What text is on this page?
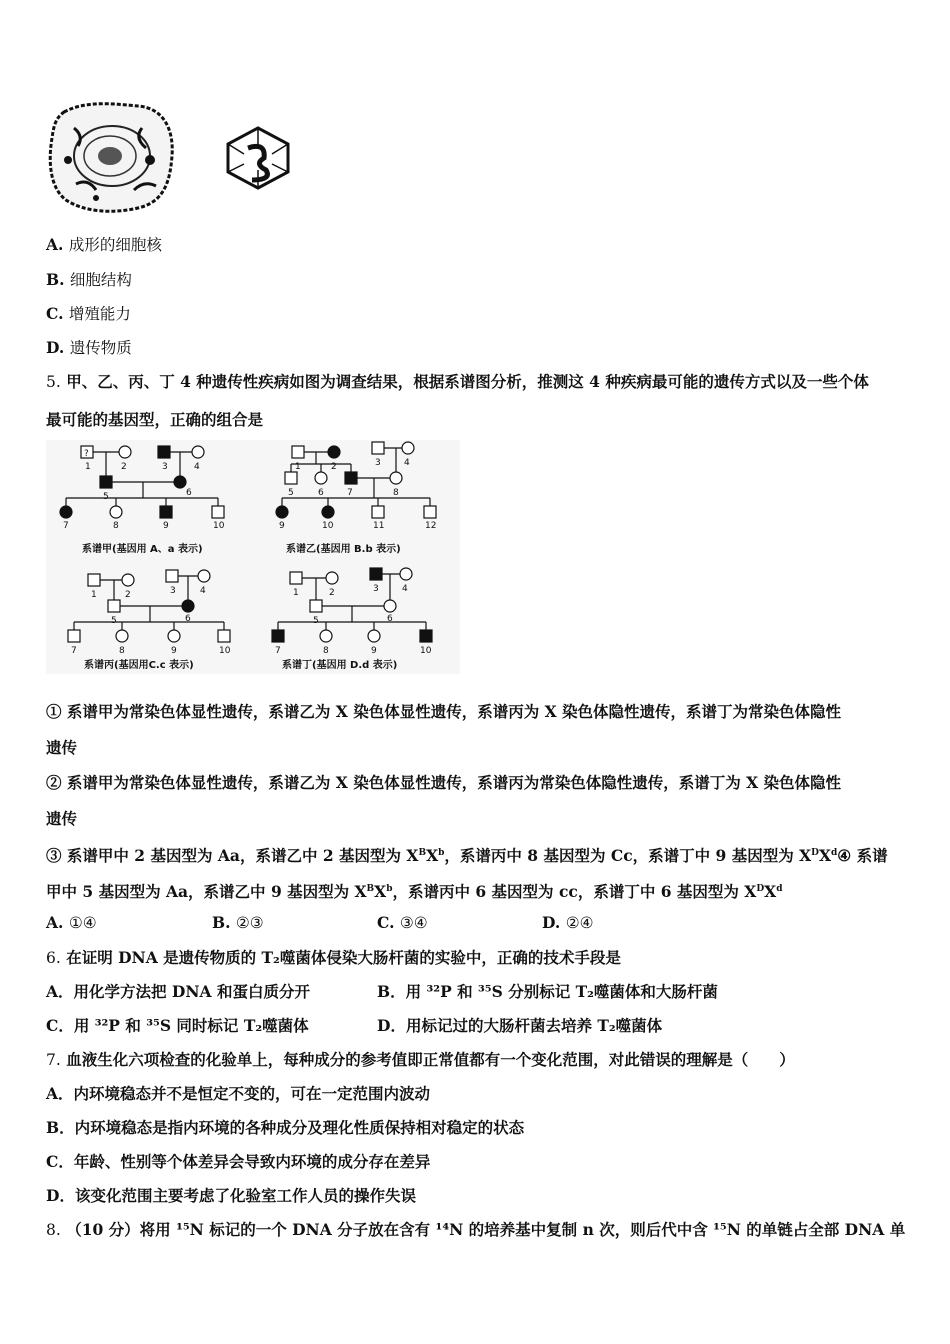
A. 成形的细胞核
B. 细胞结构
C. 增殖能力
D. 遗传物质
5. 甲、乙、丙、丁 4 种遗传性疾病如图为调查结果，根据系谱图分析，推测这 4 种疾病最可能的遗传方式以及一些个体
最可能的基因型，正确的组合是
?
1	2	3	4
5	6
7	8	9	10
系谱甲(基因用 A、a 表示)
1	2	3	4
5	6	7	8
9	10	11	12
系谱乙(基因用 B.b 表示)
1	2	3	4
5	6
7	8	9	10
系谱丙(基因用C.c 表示)
1	2	3	4
5	6
7	8	9	10
系谱丁(基因用 D.d 表示)
① 系谱甲为常染色体显性遗传，系谱乙为 X 染色体显性遗传，系谱丙为 X 染色体隐性遗传，系谱丁为常染色体隐性
遗传
② 系谱甲为常染色体显性遗传，系谱乙为 X 染色体显性遗传，系谱丙为常染色体隐性遗传，系谱丁为 X 染色体隐性
遗传
③ 系谱甲中 2 基因型为 Aa，系谱乙中 2 基因型为 $X^BX^b$，系谱丙中 8 基因型为 Cc，系谱丁中 9 基因型为 $X^DX^d④$ 系谱
甲中 5 基因型为 Aa，系谱乙中 9 基因型为 $X^BX^b$，系谱丙中 6 基因型为 cc，系谱丁中 6 基因型为 $X^DX^d$
A. ①④	B. ②③	C. ③④	D. ②④
6. 在证明 DNA 是遗传物质的 T₂噬菌体侵染大肠杆菌的实验中，正确的技术手段是
A．用化学方法把 DNA 和蛋白质分开	B．用 ³²P 和 ³⁵S 分别标记 T₂噬菌体和大肠杆菌
C．用 ³²P 和 ³⁵S 同时标记 T₂噬菌体	D．用标记过的大肠杆菌去培养 T₂噬菌体
7. 血液生化六项检查的化验单上，每种成分的参考值即正常值都有一个变化范围，对此错误的理解是（　　）
A．内环境稳态并不是恒定不变的，可在一定范围内波动
B．内环境稳态是指内环境的各种成分及理化性质保持相对稳定的状态
C．年龄、性别等个体差异会导致内环境的成分存在差异
D．该变化范围主要考虑了化验室工作人员的操作失误
8. （10 分）将用 ¹⁵N 标记的一个 DNA 分子放在含有 ¹⁴N 的培养基中复制 n 次，则后代中含 ¹⁵N 的单链占全部 DNA 单
